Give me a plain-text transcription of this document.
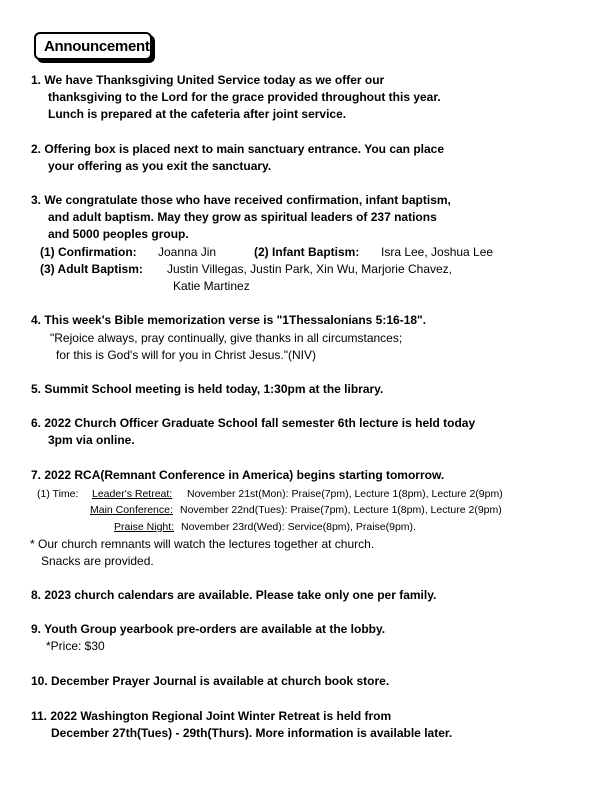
Announcement
1. We have Thanksgiving United Service today as we offer our
thanksgiving to the Lord for the grace provided throughout this year.
Lunch is prepared at the cafeteria after joint service.
2. Offering box is placed next to main sanctuary entrance. You can place
your offering as you exit the sanctuary.
3. We congratulate those who have received confirmation, infant baptism,
and adult baptism. May they grow as spiritual leaders of 237 nations
and 5000 peoples group.
(1) Confirmation: Joanna Jin	(2) Infant Baptism: Isra Lee, Joshua Lee
(3) Adult Baptism: Justin Villegas, Justin Park, Xin Wu, Marjorie Chavez,
Katie Martinez
4. This week's Bible memorization verse is "1Thessalonians 5:16-18".
"Rejoice always, pray continually, give thanks in all circumstances;
for this is God's will for you in Christ Jesus."(NIV)
5. Summit School meeting is held today, 1:30pm at the library.
6. 2022 Church Officer Graduate School fall semester 6th lecture is held today
3pm via online.
7. 2022 RCA(Remnant Conference in America) begins starting tomorrow.
(1) Time: Leader's Retreat: November 21st(Mon): Praise(7pm), Lecture 1(8pm), Lecture 2(9pm)
Main Conference: November 22nd(Tues): Praise(7pm), Lecture 1(8pm), Lecture 2(9pm)
Praise Night: November 23rd(Wed): Service(8pm), Praise(9pm).
* Our church remnants will watch the lectures together at church.
Snacks are provided.
8. 2023 church calendars are available. Please take only one per family.
9. Youth Group yearbook pre-orders are available at the lobby.
*Price: $30
10. December Prayer Journal is available at church book store.
11. 2022 Washington Regional Joint Winter Retreat is held from
December 27th(Tues) - 29th(Thurs). More information is available later.
